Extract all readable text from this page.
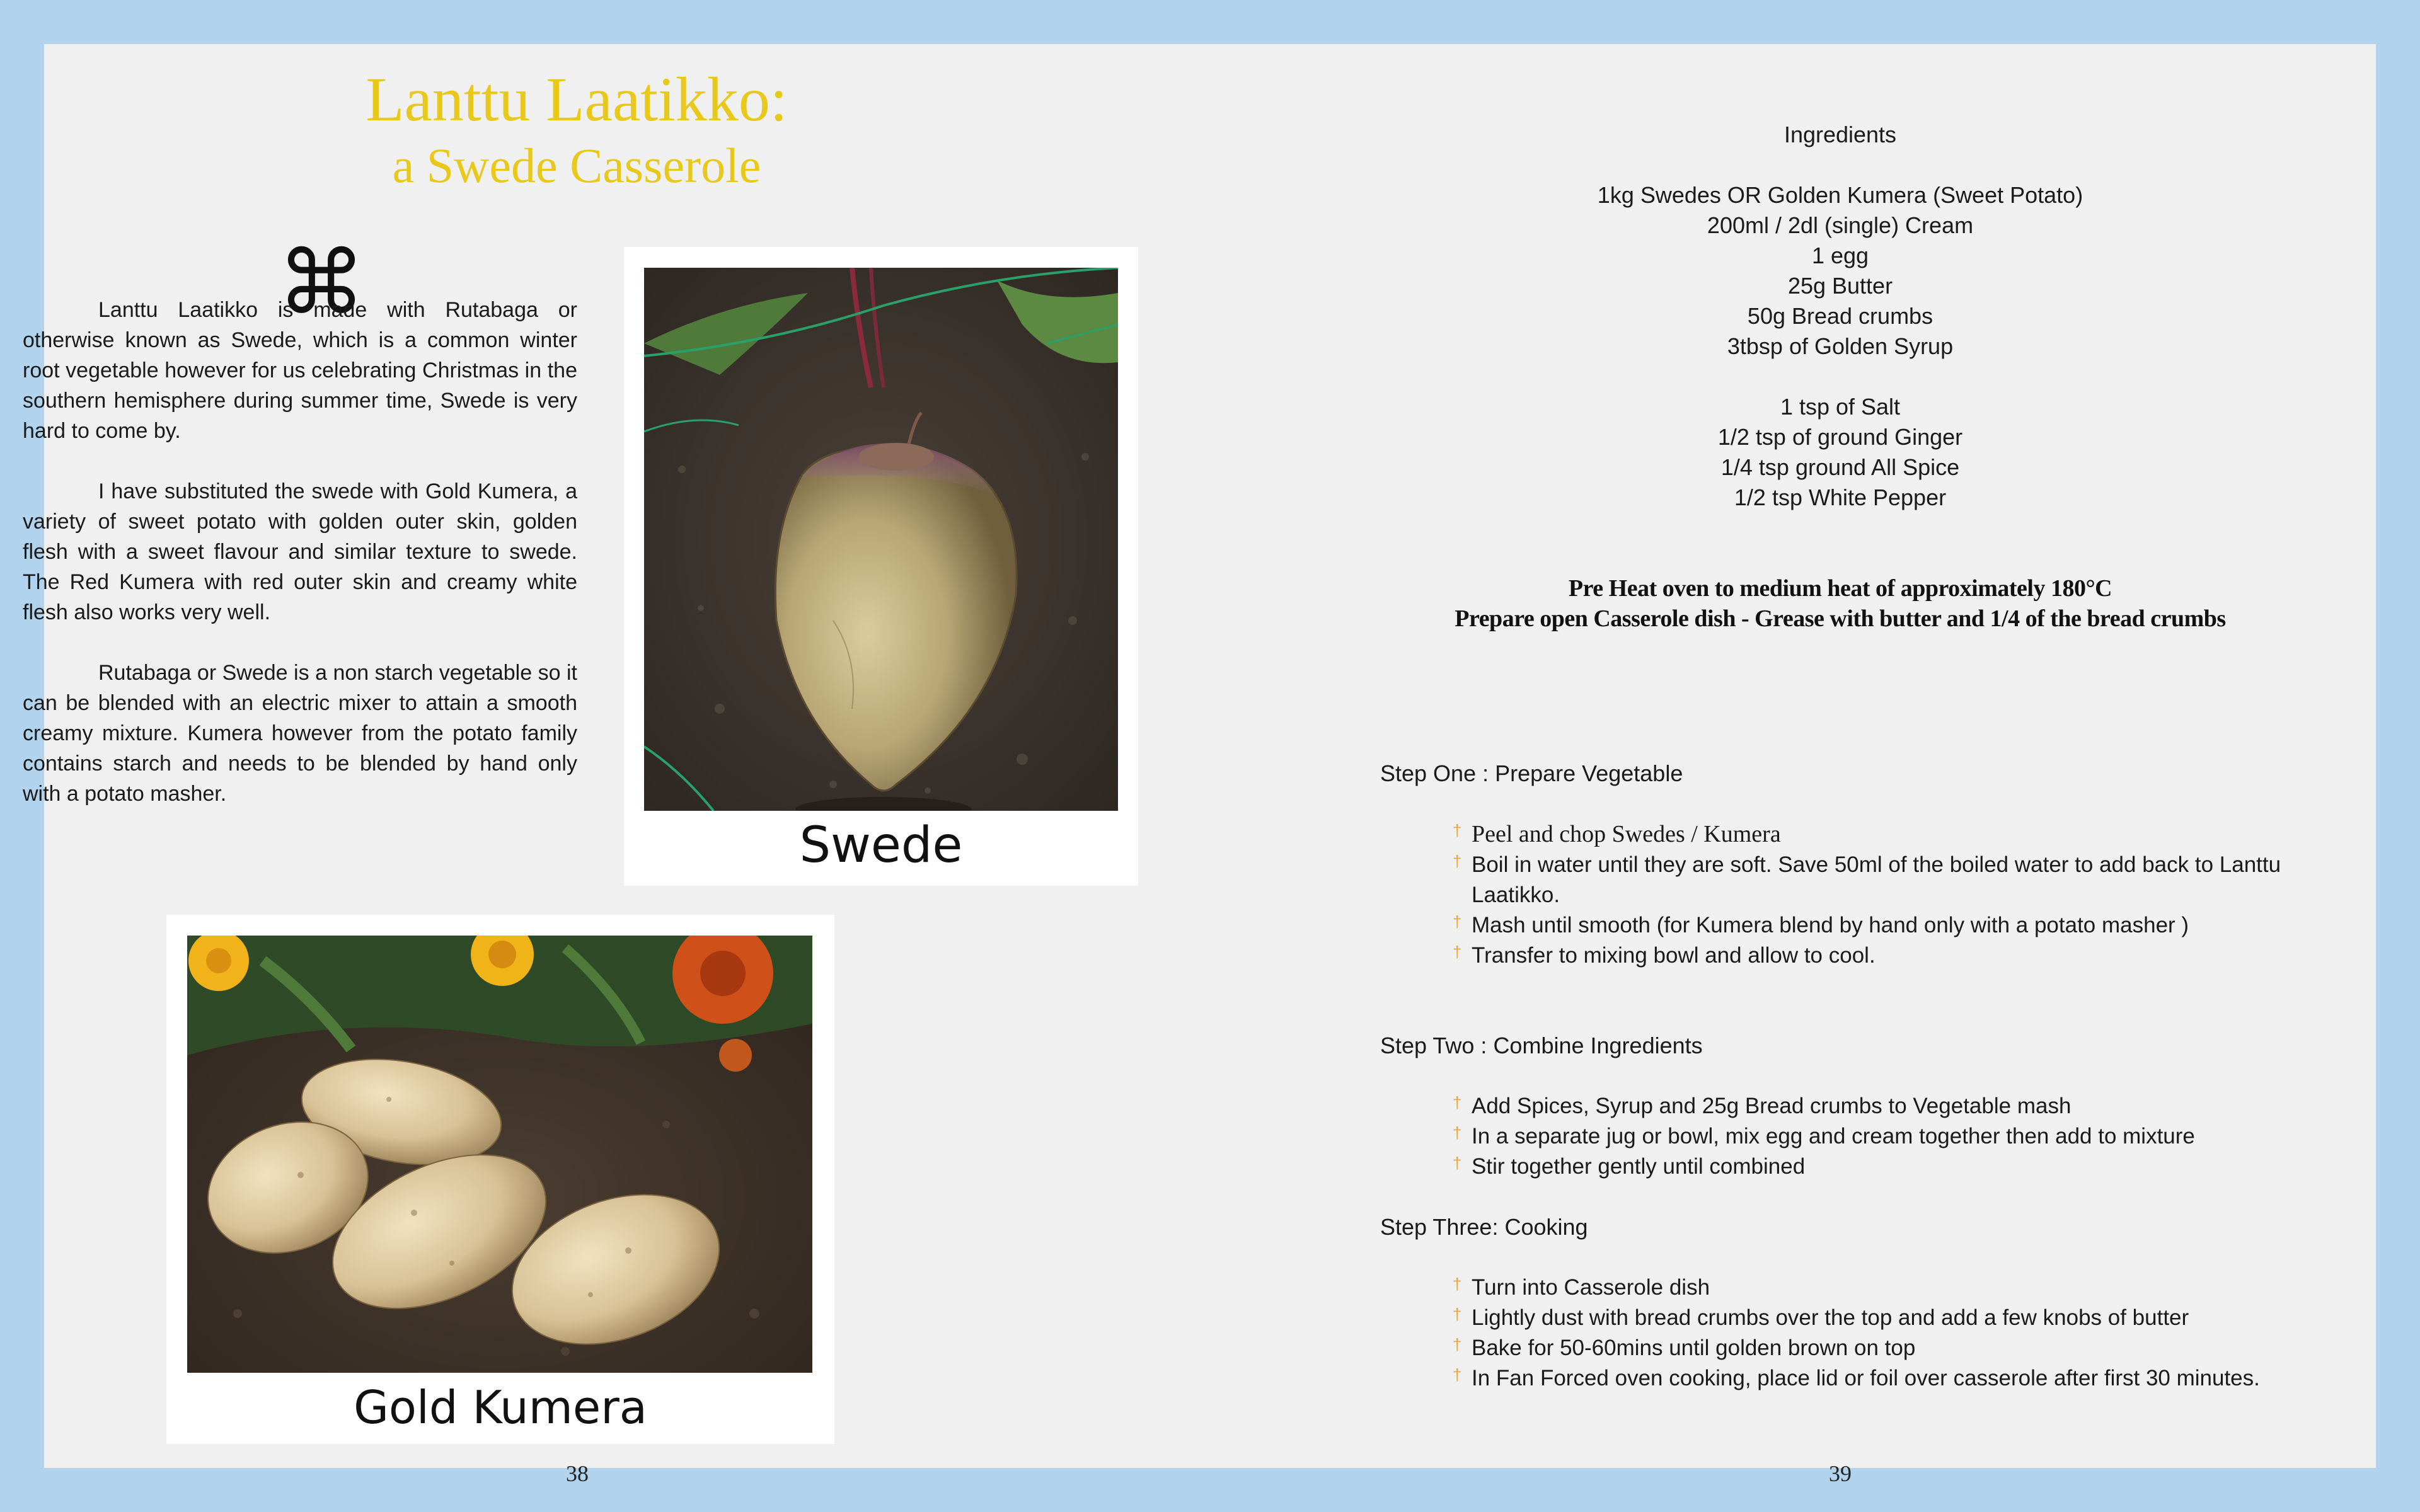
Lanttu Laatikko:
a Swede Casserole
⌘

Lanttu Laatikko is made with Rutabaga or otherwise known as Swede, which is a common winter root vegetable however for us celebrating Christmas in the southern hemisphere during summer time, Swede is very hard to come by.

I have substituted the swede with Gold Kumera, a variety of sweet potato with golden outer skin, golden flesh with a sweet flavour and similar texture to swede. The Red Kumera with red outer skin and creamy white flesh also works very well.

Rutabaga or Swede is a non starch vegetable so it can be blended with an electric mixer to attain a smooth creamy mixture. Kumera however from the potato family contains starch and needs to be blended by hand only with a potato masher.

Swede
Gold Kumera
38
Ingredients
1kg Swedes OR Golden Kumera (Sweet Potato)
200ml / 2dl (single) Cream
1 egg
25g Butter
50g Bread crumbs
3tbsp of Golden Syrup
1 tsp of Salt
1/2 tsp of ground Ginger
1/4 tsp ground All Spice
1/2 tsp White Pepper
Pre Heat oven to medium heat of approximately 180°C
Prepare open Casserole dish - Grease with butter and 1/4 of the bread crumbs
Step One : Prepare Vegetable
† Peel and chop Swedes / Kumera
† Boil in water until they are soft. Save 50ml of the boiled water to add back to Lanttu Laatikko.
† Mash until smooth (for Kumera blend by hand only with a potato masher )
† Transfer to mixing bowl and allow to cool.
Step Two : Combine Ingredients
† Add Spices, Syrup and 25g Bread crumbs to Vegetable mash
† In a separate jug or bowl, mix egg and cream together then add to mixture
† Stir together gently until combined
Step Three: Cooking
† Turn into Casserole dish
† Lightly dust with bread crumbs over the top and add a few knobs of butter
† Bake for 50-60mins until golden brown on top
† In Fan Forced oven cooking, place lid or foil over casserole after first 30 minutes.
39
